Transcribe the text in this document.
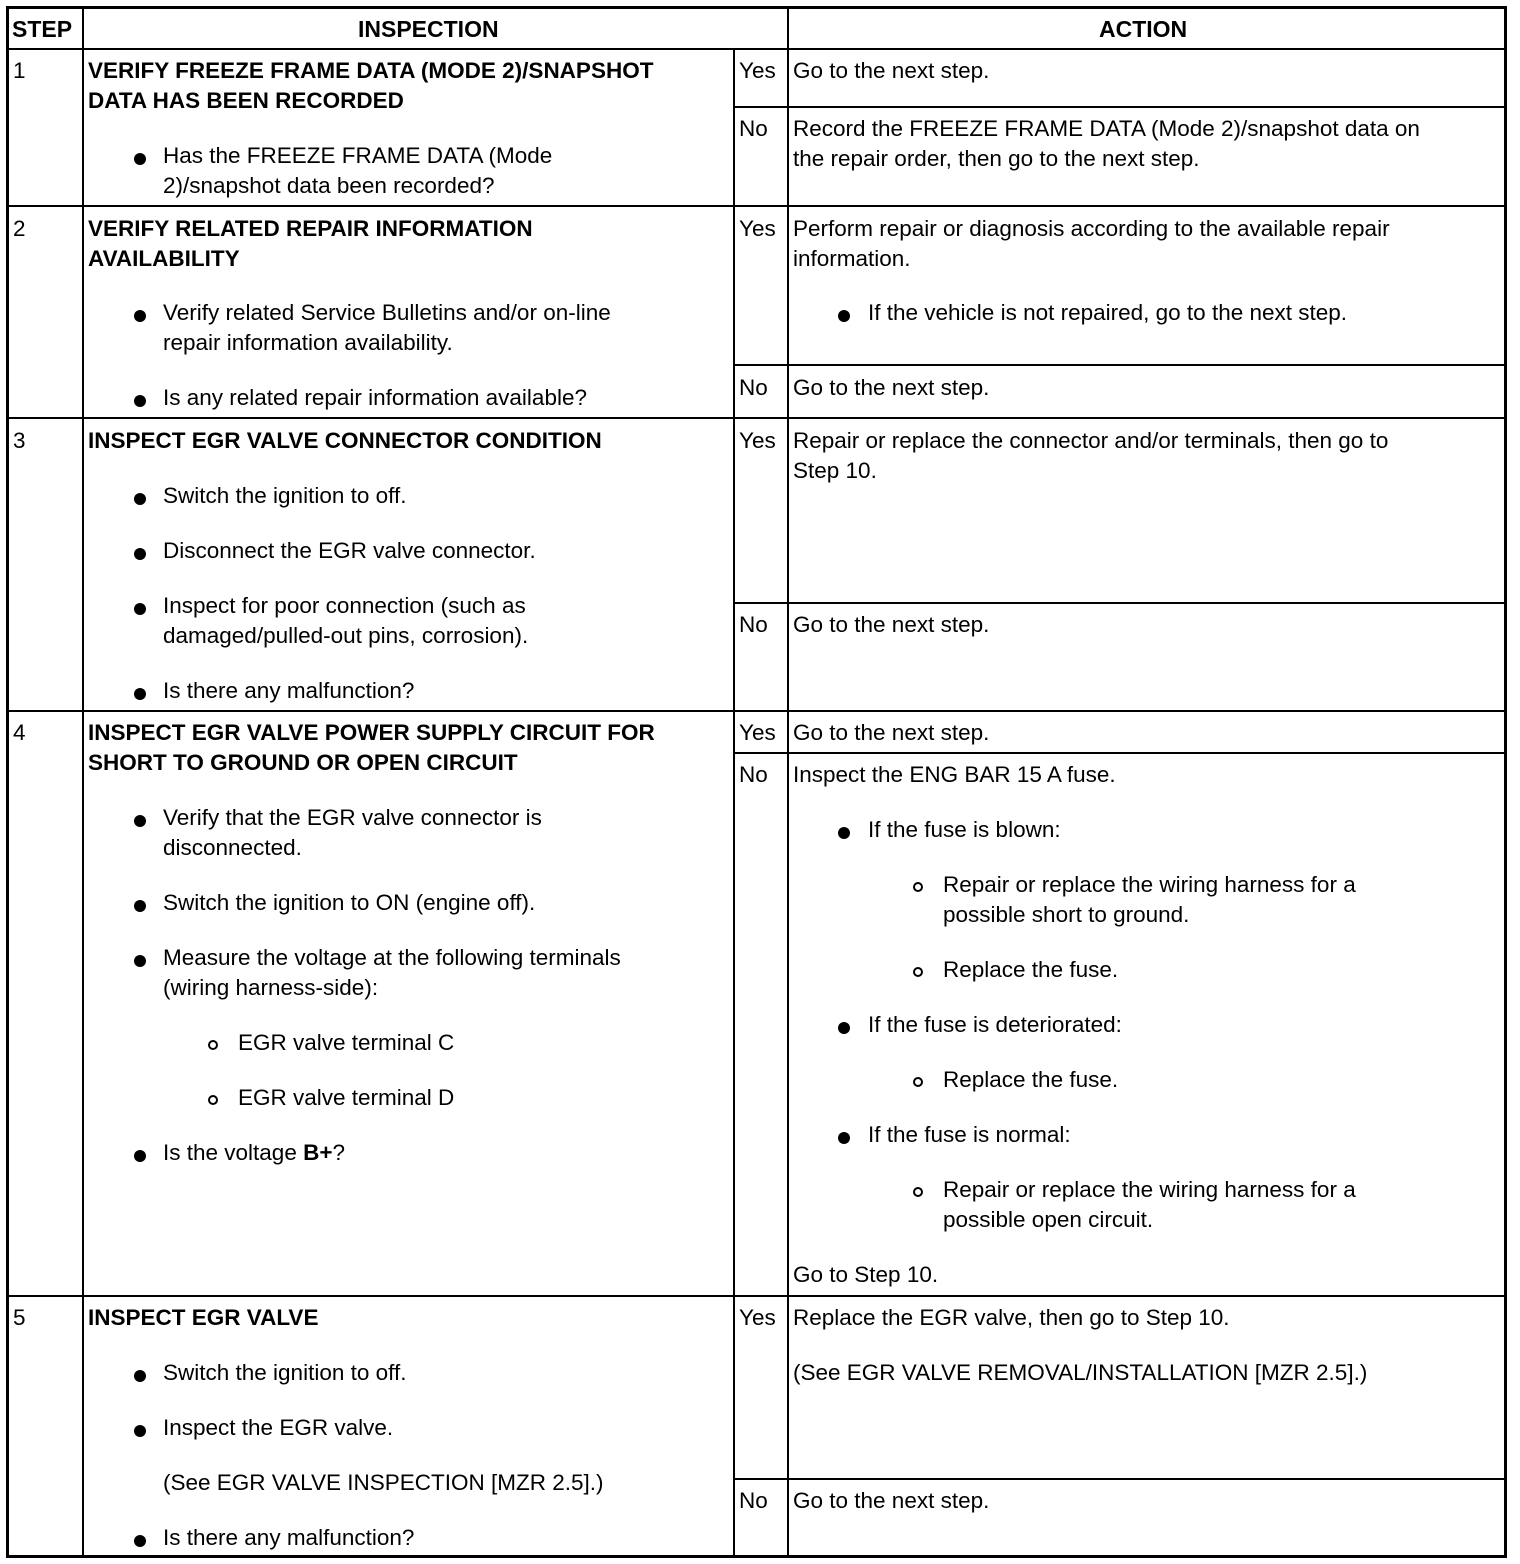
STEP	INSPECTION	ACTION
1	VERIFY FREEZE FRAME DATA (MODE 2)/SNAPSHOT
DATA HAS BEEN RECORDED
Has the FREEZE FRAME DATA (Mode
2)/snapshot data been recorded?
Yes Go to the next step.
No Record the FREEZE FRAME DATA (Mode 2)/snapshot data on
the repair order, then go to the next step.
2	VERIFY RELATED REPAIR INFORMATION
AVAILABILITY
Verify related Service Bulletins and/or on-line
repair information availability.
Is any related repair information available?
Yes Perform repair or diagnosis according to the available repair
information.
If the vehicle is not repaired, go to the next step.
No Go to the next step.
3	INSPECT EGR VALVE CONNECTOR CONDITION
Switch the ignition to off.
Disconnect the EGR valve connector.
Inspect for poor connection (such as
damaged/pulled-out pins, corrosion).
Is there any malfunction?
Yes Repair or replace the connector and/or terminals, then go to
Step 10.
No Go to the next step.
4	INSPECT EGR VALVE POWER SUPPLY CIRCUIT FOR
SHORT TO GROUND OR OPEN CIRCUIT
Verify that the EGR valve connector is
disconnected.
Switch the ignition to ON (engine off).
Measure the voltage at the following terminals
(wiring harness-side):
EGR valve terminal C
EGR valve terminal D
Is the voltage B+?
Yes Go to the next step.
No Inspect the ENG BAR 15 A fuse.
If the fuse is blown:
Repair or replace the wiring harness for a
possible short to ground.
Replace the fuse.
If the fuse is deteriorated:
Replace the fuse.
If the fuse is normal:
Repair or replace the wiring harness for a
possible open circuit.
Go to Step 10.
5	INSPECT EGR VALVE
Switch the ignition to off.
Inspect the EGR valve.
(See EGR VALVE INSPECTION [MZR 2.5].)
Is there any malfunction?
Yes Replace the EGR valve, then go to Step 10.
(See EGR VALVE REMOVAL/INSTALLATION [MZR 2.5].)
No Go to the next step.
